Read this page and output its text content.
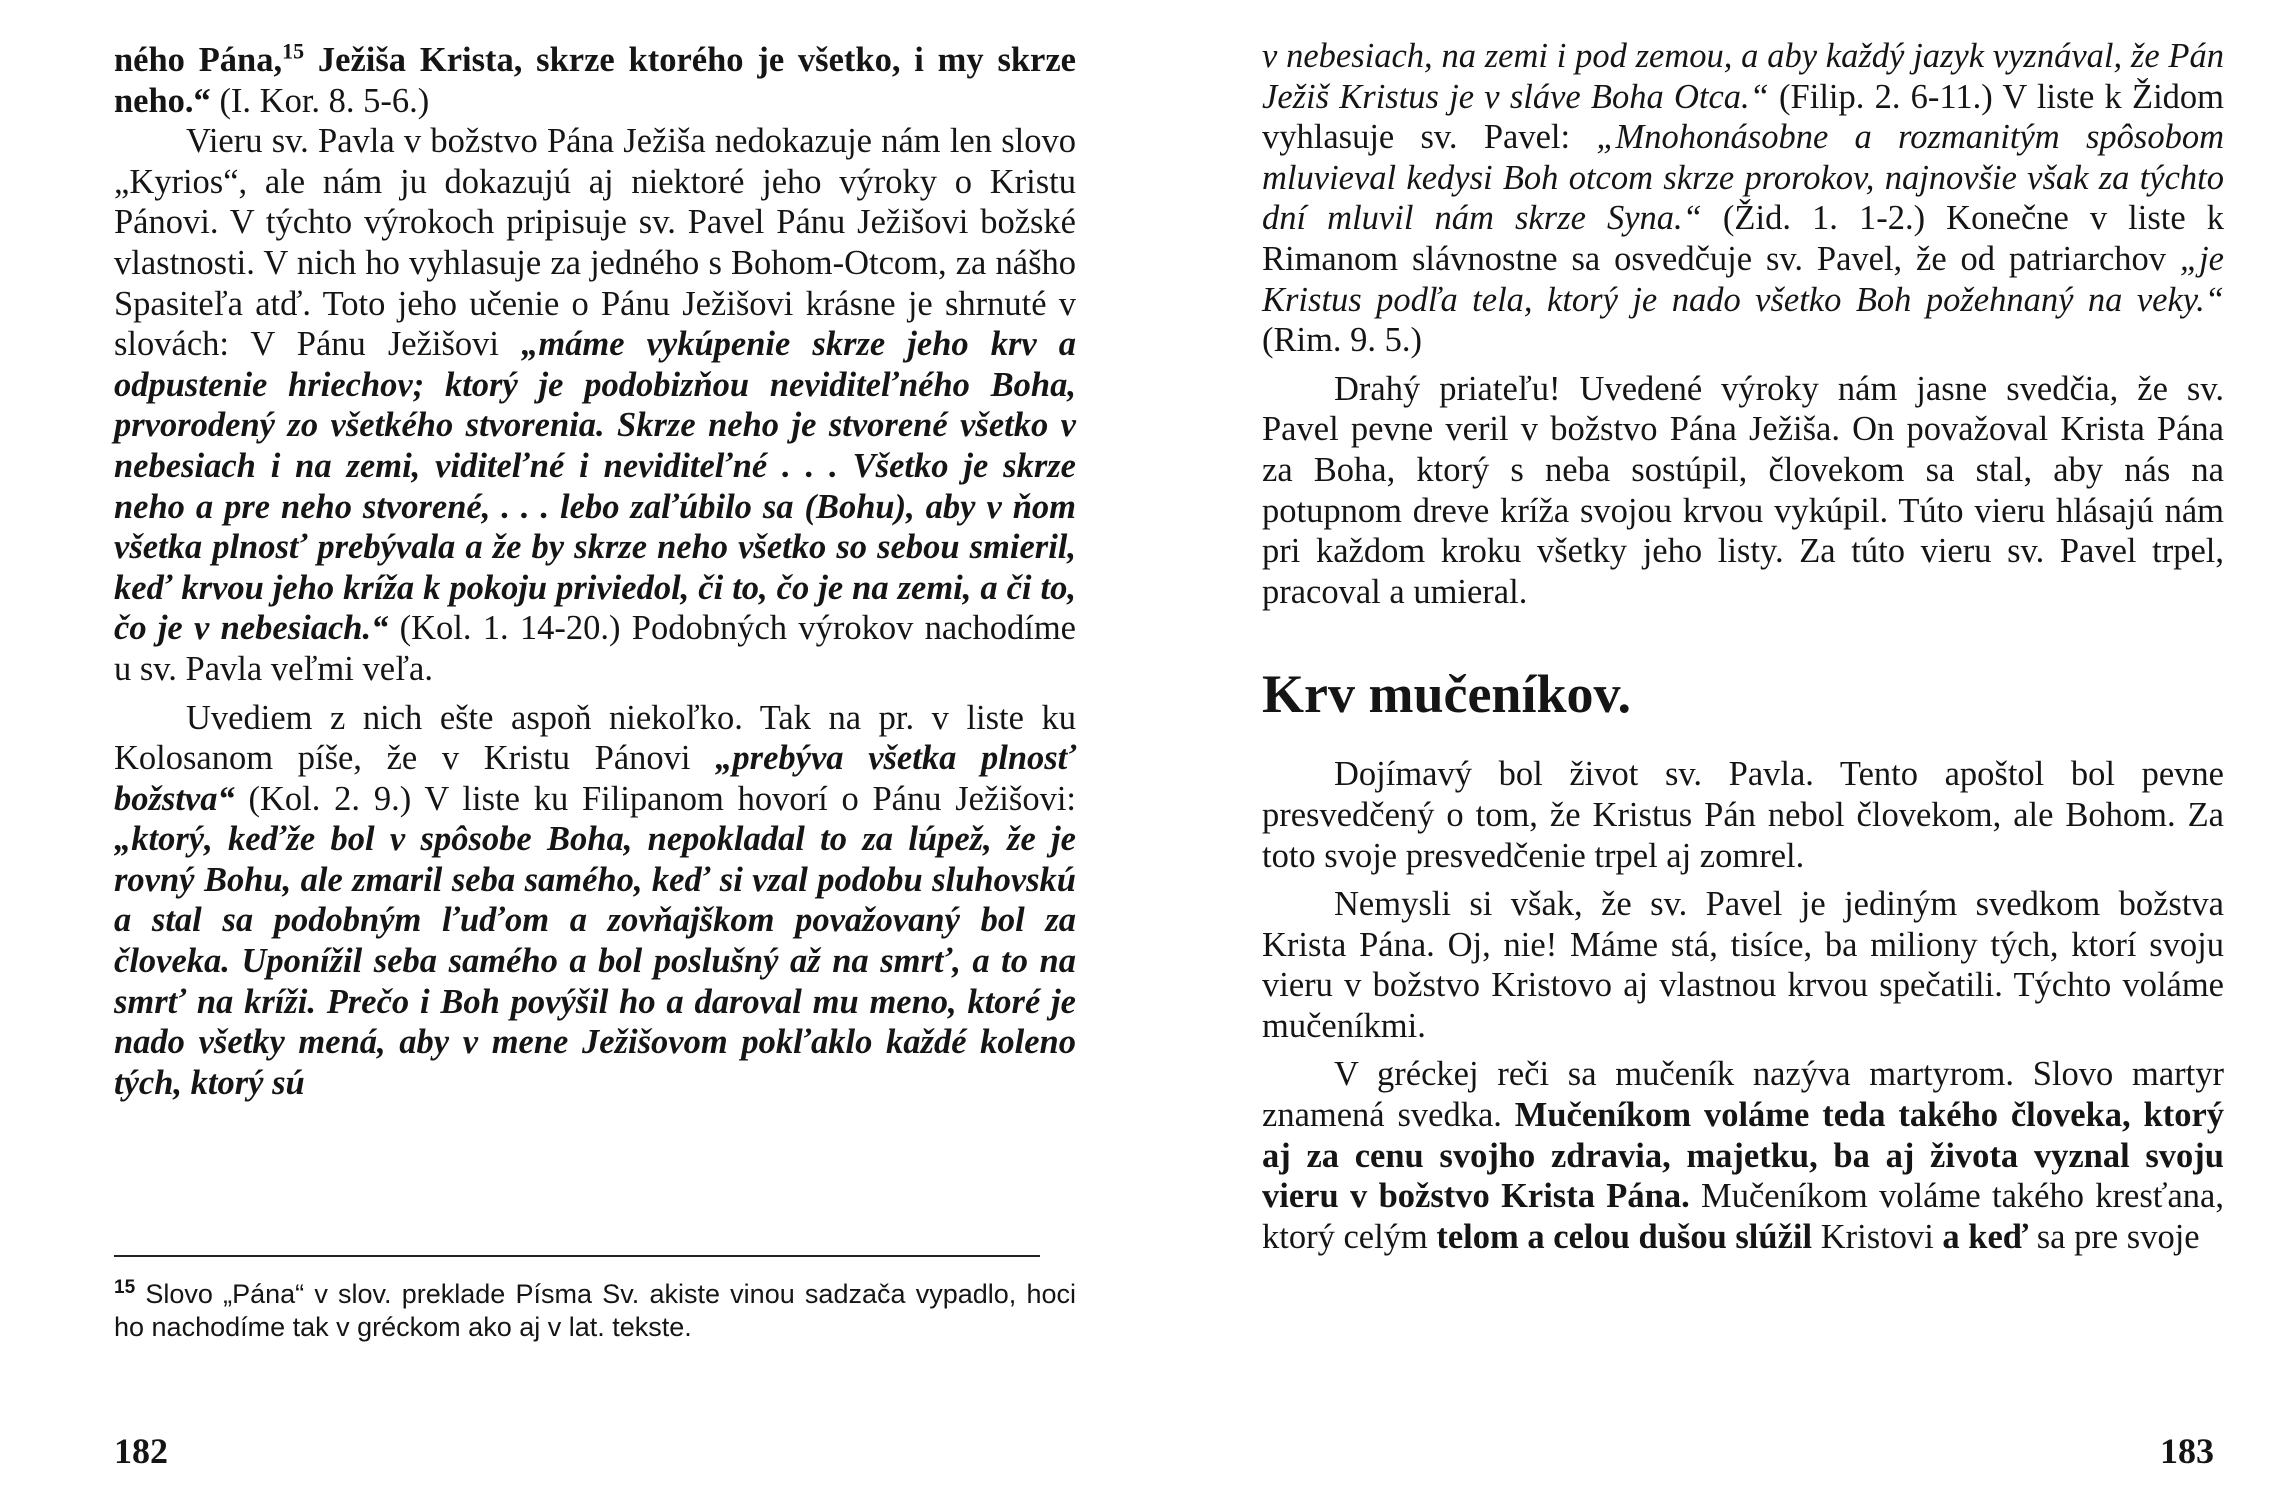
ného Pána,$^{15}$ Ježiša Krista, skrze ktorého je všetko, i my skrze neho.“ (I. Kor. 8. 5-6.)

Vieru sv. Pavla v božstvo Pána Ježiša nedokazuje nám len slovo „Kyrios“, ale nám ju dokazujú aj niektoré jeho výroky o Kristu Pánovi. V týchto výrokoch pripisuje sv. Pavel Pánu Ježišovi božské vlastnosti. V nich ho vyhlasuje za jedného s Bohom-Otcom, za nášho Spasiteľa atď. Toto jeho učenie o Pánu Ježišovi krásne je shrnuté v slovách: V Pánu Ježišovi „máme vykúpenie skrze jeho krv a odpustenie hriechov; ktorý je podobizňou neviditeľného Boha, prvorodený zo všetkého stvorenia. Skrze neho je stvorené všetko v nebesiach i na zemi, viditeľné i neviditeľné . . . Všetko je skrze neho a pre neho stvorené, . . . lebo zaľúbilo sa (Bohu), aby v ňom všetka plnosť prebývala a že by skrze neho všetko so sebou smieril, keď krvou jeho kríža k pokoju priviedol, či to, čo je na zemi, a či to, čo je v nebesiach.“ (Kol. 1. 14-20.) Podobných výrokov nachodíme u sv. Pavla veľmi veľa.

Uvediem z nich ešte aspoň niekoľko. Tak na pr. v liste ku Kolosanom píše, že v Kristu Pánovi „prebýva všetka plnosť božstva“ (Kol. 2. 9.) V liste ku Filipanom hovorí o Pánu Ježišovi: „ktorý, keďže bol v spôsobe Boha, nepokladal to za lúpež, že je rovný Bohu, ale zmaril seba samého, keď si vzal podobu sluhovskú a stal sa podobným ľuďom a zovňajškom považovaný bol za človeka. Uponížil seba samého a bol poslušný až na smrť, a to na smrť na kríži. Prečo i Boh povýšil ho a daroval mu meno, ktoré je nado všetky mená, aby v mene Ježišovom pokľaklo každé koleno tých, ktorý sú

$^{15}$ Slovo „Pána“ v slov. preklade Písma Sv. akiste vinou sadzača vypadlo, hoci ho nachodíme tak v gréckom ako aj v lat. tekste.
182

v nebesiach, na zemi i pod zemou, a aby každý jazyk vyznával, že Pán Ježiš Kristus je v sláve Boha Otca.“ (Filip. 2. 6-11.) V liste k Židom vyhlasuje sv. Pavel: „Mnohonásobne a rozmanitým spôsobom mluvieval kedysi Boh otcom skrze prorokov, najnovšie však za týchto dní mluvil nám skrze Syna.“ (Žid. 1. 1-2.) Konečne v liste k Rimanom slávnostne sa osvedčuje sv. Pavel, že od patriarchov „je Kristus podľa tela, ktorý je nado všetko Boh požehnaný na veky.“ (Rim. 9. 5.)

Drahý priateľu! Uvedené výroky nám jasne svedčia, že sv. Pavel pevne veril v božstvo Pána Ježiša. On považoval Krista Pána za Boha, ktorý s neba sostúpil, človekom sa stal, aby nás na potupnom dreve kríža svojou krvou vykúpil. Túto vieru hlásajú nám pri každom kroku všetky jeho listy. Za túto vieru sv. Pavel trpel, pracoval a umieral.

Krv mučeníkov.

Dojímavý bol život sv. Pavla. Tento apoštol bol pevne presvedčený o tom, že Kristus Pán nebol človekom, ale Bohom. Za toto svoje presvedčenie trpel aj zomrel.

Nemysli si však, že sv. Pavel je jediným svedkom božstva Krista Pána. Oj, nie! Máme stá, tisíce, ba miliony tých, ktorí svoju vieru v božstvo Kristovo aj vlastnou krvou spečatili. Týchto voláme mučeníkmi.

V gréckej reči sa mučeník nazýva martyrom. Slovo martyr znamená svedka. Mučeníkom voláme teda takého človeka, ktorý aj za cenu svojho zdravia, majetku, ba aj života vyznal svoju vieru v božstvo Krista Pána. Mučeníkom voláme takého kresťana, ktorý celým telom a celou dušou slúžil Kristovi a keď sa pre svoje

183
